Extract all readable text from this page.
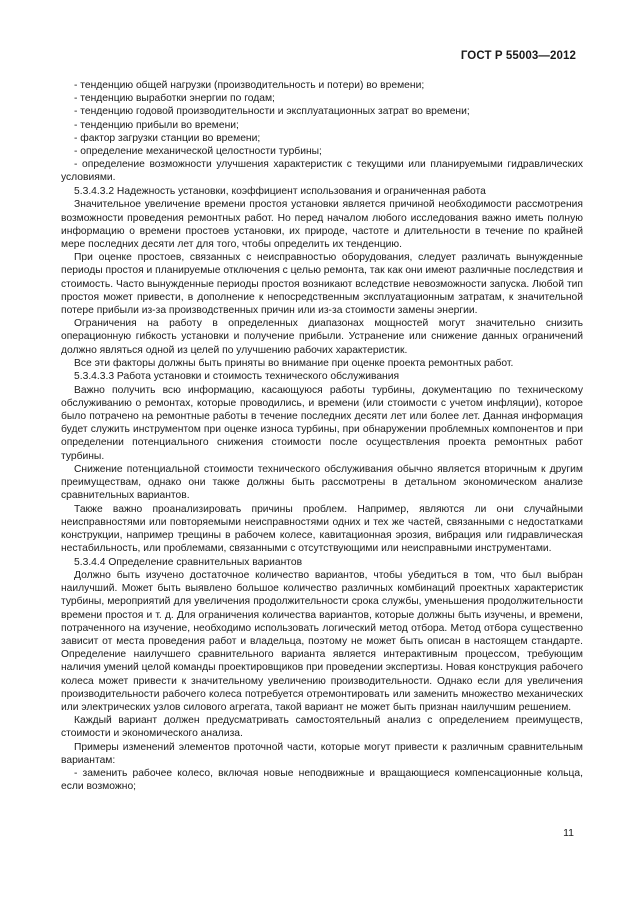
ГОСТ Р 55003—2012

- тенденцию общей нагрузки (производительность и потери) во времени;

- тенденцию выработки энергии по годам;

- тенденцию годовой производительности и эксплуатационных затрат во времени;

- тенденцию прибыли во времени;

- фактор загрузки станции во времени;

- определение механической целостности турбины;

- определение возможности улучшения характеристик с текущими или планируемыми гидравлических условиями.

5.3.4.3.2 Надежность установки, коэффициент использования и ограниченная работа

Значительное увеличение времени простоя установки является причиной необходимости рассмотрения возможности проведения ремонтных работ. Но перед началом любого исследования важно иметь полную информацию о времени простоев установки, их природе, частоте и длительности в течение по крайней мере последних десяти лет для того, чтобы определить их тенденцию.

При оценке простоев, связанных с неисправностью оборудования, следует различать вынужденные периоды простоя и планируемые отключения с целью ремонта, так как они имеют различные последствия и стоимость. Часто вынужденные периоды простоя возникают вследствие невозможности запуска. Любой тип простоя может привести, в дополнение к непосредственным эксплуатационным затратам, к значительной потере прибыли из-за производственных причин или из-за стоимости замены энергии.

Ограничения на работу в определенных диапазонах мощностей могут значительно снизить операционную гибкость установки и получение прибыли. Устранение или снижение данных ограничений должно являться одной из целей по улучшению рабочих характеристик.

Все эти факторы должны быть приняты во внимание при оценке проекта ремонтных работ.

5.3.4.3.3 Работа установки и стоимость технического обслуживания

Важно получить всю информацию, касающуюся работы турбины, документацию по техническому обслуживанию о ремонтах, которые проводились, и времени (или стоимости с учетом инфляции), которое было потрачено на ремонтные работы в течение последних десяти лет или более лет. Данная информация будет служить инструментом при оценке износа турбины, при обнаружении проблемных компонентов и при определении потенциального снижения стоимости после осуществления проекта ремонтных работ турбины.

Снижение потенциальной стоимости технического обслуживания обычно является вторичным к другим преимуществам, однако они также должны быть рассмотрены в детальном экономическом анализе сравнительных вариантов.

Также важно проанализировать причины проблем. Например, являются ли они случайными неисправностями или повторяемыми неисправностями одних и тех же частей, связанными с недостатками конструкции, например трещины в рабочем колесе, кавитационная эрозия, вибрация или гидравлическая нестабильность, или проблемами, связанными с отсутствующими или неисправными инструментами.

5.3.4.4 Определение сравнительных вариантов

Должно быть изучено достаточное количество вариантов, чтобы убедиться в том, что был выбран наилучший. Может быть выявлено большое количество различных комбинаций проектных характеристик турбины, мероприятий для увеличения продолжительности срока службы, уменьшения продолжительности времени простоя и т. д. Для ограничения количества вариантов, которые должны быть изучены, и времени, потраченного на изучение, необходимо использовать логический метод отбора. Метод отбора существенно зависит от места проведения работ и владельца, поэтому не может быть описан в настоящем стандарте. Определение наилучшего сравнительного варианта является интерактивным процессом, требующим наличия умений целой команды проектировщиков при проведении экспертизы. Новая конструкция рабочего колеса может привести к значительному увеличению производительности. Однако если для увеличения производительности рабочего колеса потребуется отремонтировать или заменить множество механических или электрических узлов силового агрегата, такой вариант не может быть признан наилучшим решением.

Каждый вариант должен предусматривать самостоятельный анализ с определением преимуществ, стоимости и экономического анализа.

Примеры изменений элементов проточной части, которые могут привести к различным сравнительным вариантам:

- заменить рабочее колесо, включая новые неподвижные и вращающиеся компенсационные кольца, если возможно;

11
